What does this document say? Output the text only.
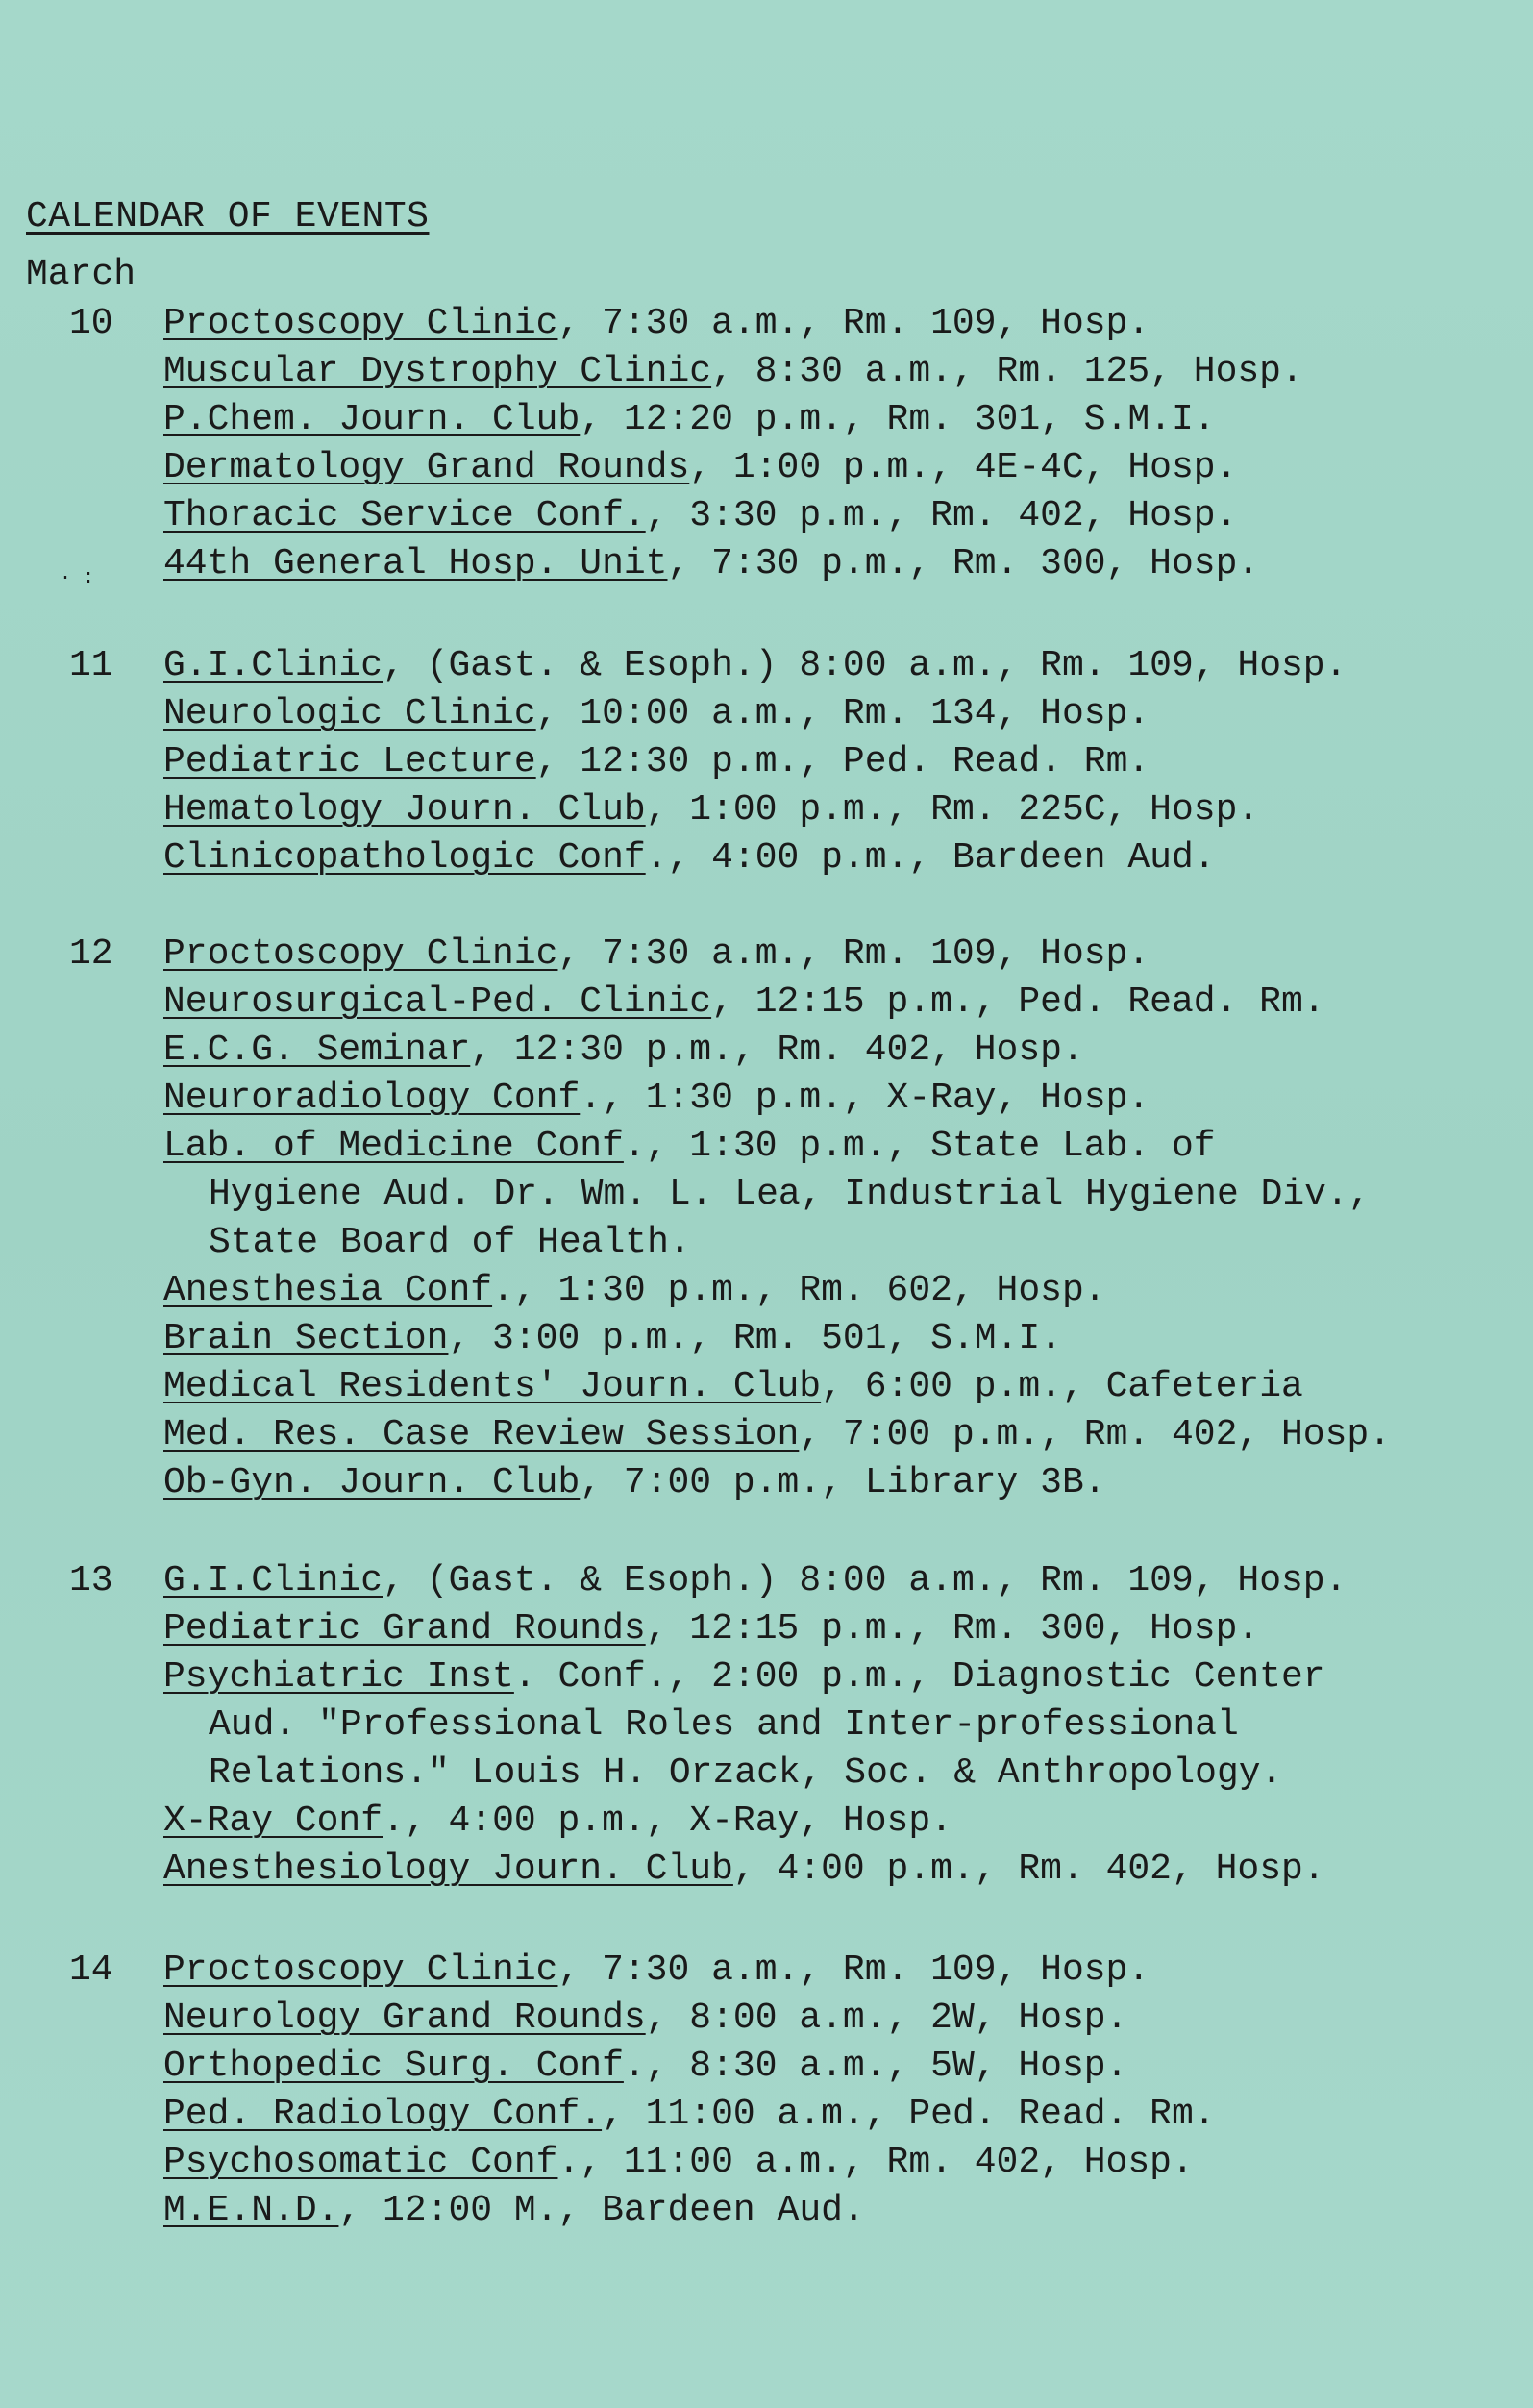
CALENDAR OF EVENTS
March
· :
10 Proctoscopy Clinic, 7:30 a.m., Rm. 109, Hosp.
Muscular Dystrophy Clinic, 8:30 a.m., Rm. 125, Hosp.
P.Chem. Journ. Club, 12:20 p.m., Rm. 301, S.M.I.
Dermatology Grand Rounds, 1:00 p.m., 4E-4C, Hosp.
Thoracic Service Conf., 3:30 p.m., Rm. 402, Hosp.
44th General Hosp. Unit, 7:30 p.m., Rm. 300, Hosp.
11 G.I.Clinic, (Gast. & Esoph.) 8:00 a.m., Rm. 109, Hosp.
Neurologic Clinic, 10:00 a.m., Rm. 134, Hosp.
Pediatric Lecture, 12:30 p.m., Ped. Read. Rm.
Hematology Journ. Club, 1:00 p.m., Rm. 225C, Hosp.
Clinicopathologic Conf., 4:00 p.m., Bardeen Aud.
12 Proctoscopy Clinic, 7:30 a.m., Rm. 109, Hosp.
Neurosurgical-Ped. Clinic, 12:15 p.m., Ped. Read. Rm.
E.C.G. Seminar, 12:30 p.m., Rm. 402, Hosp.
Neuroradiology Conf., 1:30 p.m., X-Ray, Hosp.
Lab. of Medicine Conf., 1:30 p.m., State Lab. of
Hygiene Aud. Dr. Wm. L. Lea, Industrial Hygiene Div.,
State Board of Health.
Anesthesia Conf., 1:30 p.m., Rm. 602, Hosp.
Brain Section, 3:00 p.m., Rm. 501, S.M.I.
Medical Residents' Journ. Club, 6:00 p.m., Cafeteria
Med. Res. Case Review Session, 7:00 p.m., Rm. 402, Hosp.
Ob-Gyn. Journ. Club, 7:00 p.m., Library 3B.
13 G.I.Clinic, (Gast. & Esoph.) 8:00 a.m., Rm. 109, Hosp.
Pediatric Grand Rounds, 12:15 p.m., Rm. 300, Hosp.
Psychiatric Inst. Conf., 2:00 p.m., Diagnostic Center
Aud. "Professional Roles and Inter-professional
Relations." Louis H. Orzack, Soc. & Anthropology.
X-Ray Conf., 4:00 p.m., X-Ray, Hosp.
Anesthesiology Journ. Club, 4:00 p.m., Rm. 402, Hosp.
14 Proctoscopy Clinic, 7:30 a.m., Rm. 109, Hosp.
Neurology Grand Rounds, 8:00 a.m., 2W, Hosp.
Orthopedic Surg. Conf., 8:30 a.m., 5W, Hosp.
Ped. Radiology Conf., 11:00 a.m., Ped. Read. Rm.
Psychosomatic Conf., 11:00 a.m., Rm. 402, Hosp.
M.E.N.D., 12:00 M., Bardeen Aud.
